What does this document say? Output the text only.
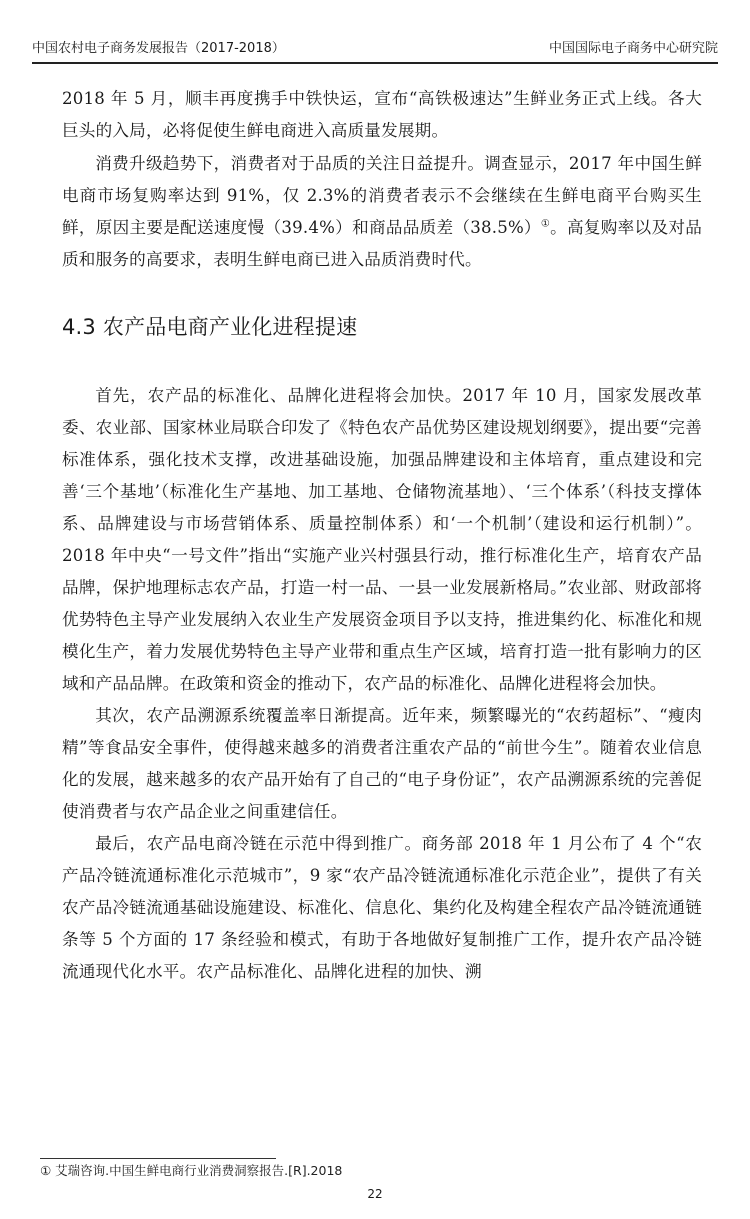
中国农村电子商务发展报告（2017-2018）	中国国际电子商务中心研究院

2018 年 5 月，顺丰再度携手中铁快运，宣布“高铁极速达”生鲜业务正式上线。各大巨头的入局，必将促使生鲜电商进入高质量发展期。

消费升级趋势下，消费者对于品质的关注日益提升。调查显示，2017 年中国生鲜电商市场复购率达到 91%，仅 2.3%的消费者表示不会继续在生鲜电商平台购买生鲜，原因主要是配送速度慢（39.4%）和商品品质差（38.5%）①。高复购率以及对品质和服务的高要求，表明生鲜电商已进入品质消费时代。

4.3 农产品电商产业化进程提速

首先，农产品的标准化、品牌化进程将会加快。2017 年 10 月，国家发展改革委、农业部、国家林业局联合印发了《特色农产品优势区建设规划纲要》，提出要“完善标准体系，强化技术支撑，改进基础设施，加强品牌建设和主体培育，重点建设和完善‘三个基地’（标准化生产基地、加工基地、仓储物流基地）、‘三个体系’（科技支撑体系、品牌建设与市场营销体系、质量控制体系）和‘一个机制’（建设和运行机制）”。2018 年中央“一号文件”指出“实施产业兴村强县行动，推行标准化生产，培育农产品品牌，保护地理标志农产品，打造一村一品、一县一业发展新格局。”农业部、财政部将优势特色主导产业发展纳入农业生产发展资金项目予以支持，推进集约化、标准化和规模化生产，着力发展优势特色主导产业带和重点生产区域，培育打造一批有影响力的区域和产品品牌。在政策和资金的推动下，农产品的标准化、品牌化进程将会加快。

其次，农产品溯源系统覆盖率日渐提高。近年来，频繁曝光的“农药超标”、“瘦肉精”等食品安全事件，使得越来越多的消费者注重农产品的“前世今生”。随着农业信息化的发展，越来越多的农产品开始有了自己的“电子身份证”，农产品溯源系统的完善促使消费者与农产品企业之间重建信任。

最后，农产品电商冷链在示范中得到推广。商务部 2018 年 1 月公布了 4 个“农产品冷链流通标准化示范城市”，9 家“农产品冷链流通标准化示范企业”，提供了有关农产品冷链流通基础设施建设、标准化、信息化、集约化及构建全程农产品冷链流通链条等 5 个方面的 17 条经验和模式，有助于各地做好复制推广工作，提升农产品冷链流通现代化水平。农产品标准化、品牌化进程的加快、溯

① 艾瑞咨询.中国生鲜电商行业消费洞察报告.[R].2018
22
